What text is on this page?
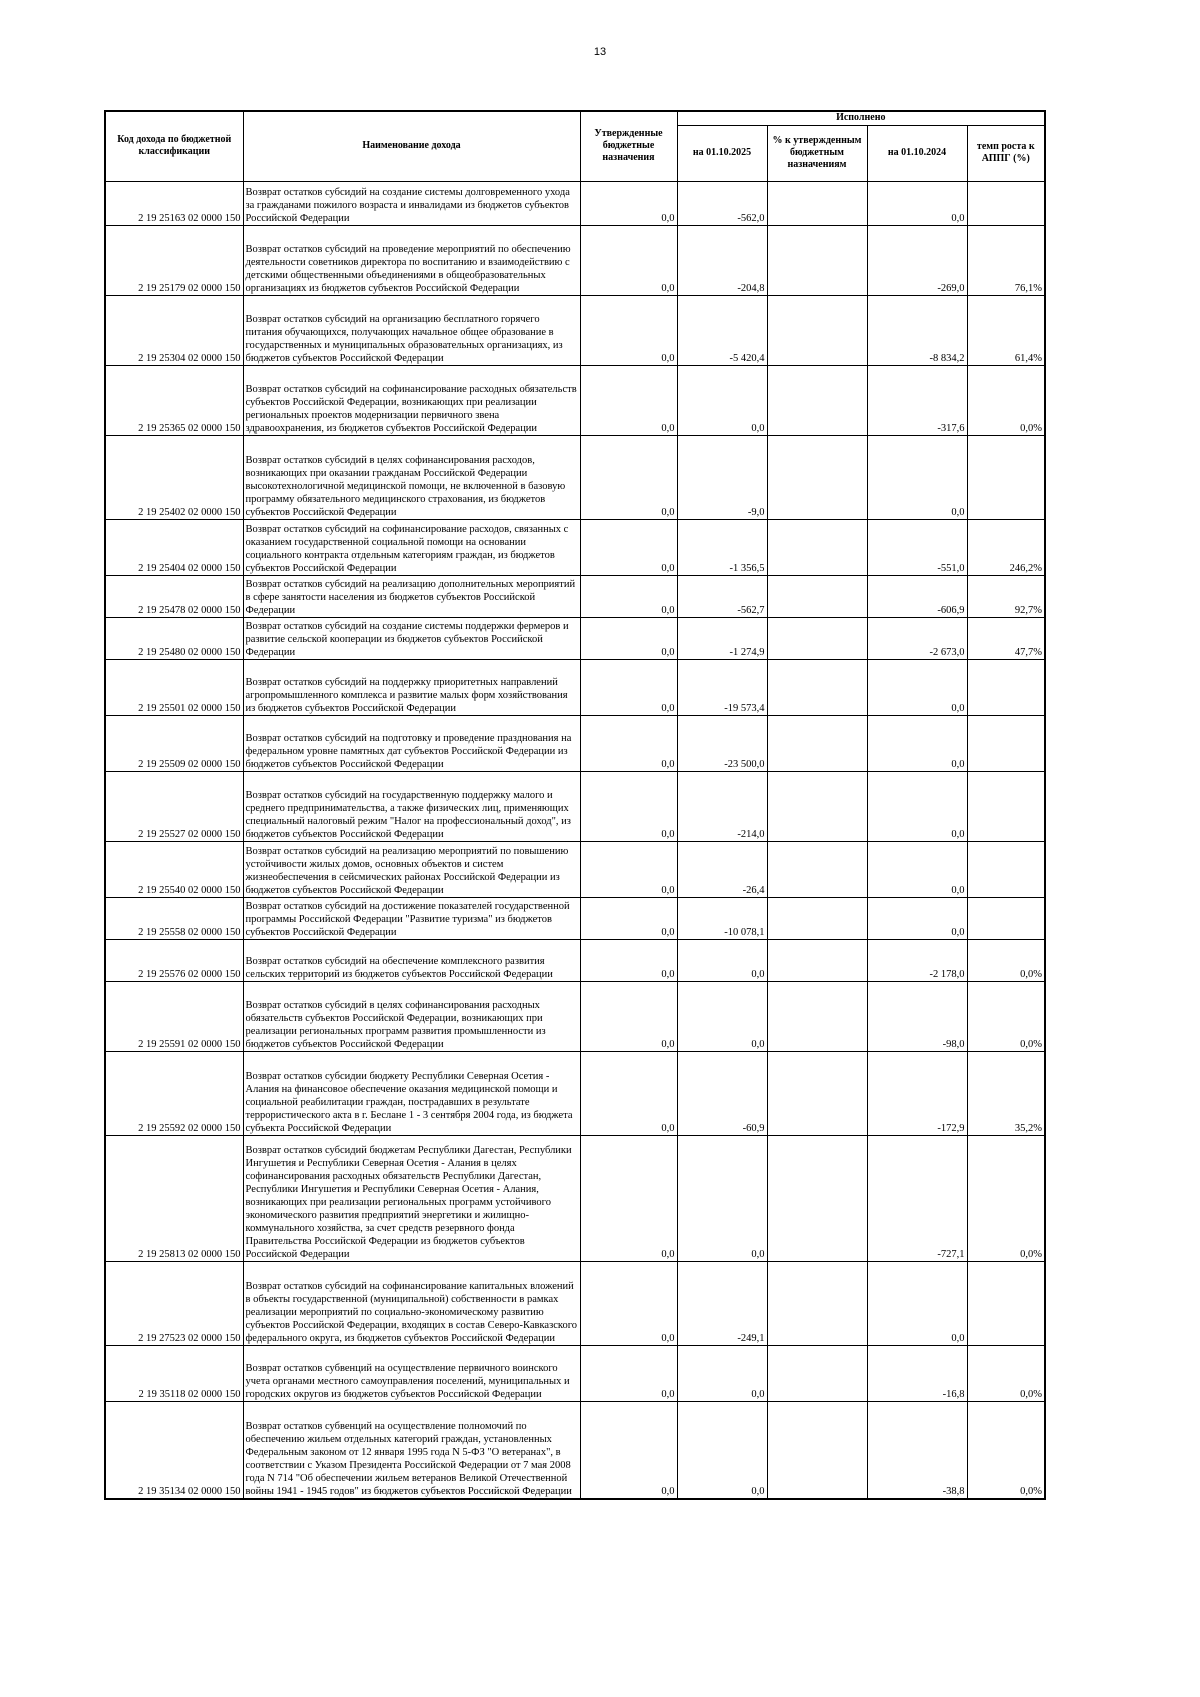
13
Код дохода по бюджетной классификации	Наименование дохода	Утвержденные бюджетные назначения	Исполнено			
			на 01.10.2025	% к утвержденным бюджетным назначениям	на 01.10.2024	темп роста к АППГ (%)
2 19 25163 02 0000 150	Возврат остатков субсидий на создание системы долговременного ухода за гражданами пожилого возраста и инвалидами из бюджетов субъектов Российской Федерации	0,0	-562,0		0,0	
2 19 25179 02 0000 150	Возврат остатков субсидий на проведение мероприятий по обеспечению деятельности советников директора по воспитанию и взаимодействию с детскими общественными объединениями в общеобразовательных организациях из бюджетов субъектов Российской Федерации	0,0	-204,8		-269,0	76,1%
2 19 25304 02 0000 150	Возврат остатков субсидий на организацию бесплатного горячего питания обучающихся, получающих начальное общее образование в государственных и муниципальных образовательных организациях, из бюджетов субъектов Российской Федерации	0,0	-5 420,4		-8 834,2	61,4%
2 19 25365 02 0000 150	Возврат остатков субсидий на софинансирование расходных обязательств субъектов Российской Федерации, возникающих при реализации региональных проектов модернизации первичного звена здравоохранения, из бюджетов субъектов Российской Федерации	0,0	0,0		-317,6	0,0%
2 19 25402 02 0000 150	Возврат остатков субсидий в целях софинансирования расходов, возникающих при оказании гражданам Российской Федерации высокотехнологичной медицинской помощи, не включенной в базовую программу обязательного медицинского страхования, из бюджетов субъектов Российской Федерации	0,0	-9,0		0,0	
2 19 25404 02 0000 150	Возврат остатков субсидий на софинансирование расходов, связанных с оказанием государственной социальной помощи на основании социального контракта отдельным категориям граждан, из бюджетов субъектов Российской Федерации	0,0	-1 356,5		-551,0	246,2%
2 19 25478 02 0000 150	Возврат остатков субсидий на реализацию дополнительных мероприятий в сфере занятости населения из бюджетов субъектов Российской Федерации	0,0	-562,7		-606,9	92,7%
2 19 25480 02 0000 150	Возврат остатков субсидий на создание системы поддержки фермеров и развитие сельской кооперации из бюджетов субъектов Российской Федерации	0,0	-1 274,9		-2 673,0	47,7%
2 19 25501 02 0000 150	Возврат остатков субсидий на поддержку приоритетных направлений агропромышленного комплекса и развитие малых форм хозяйствования из бюджетов субъектов Российской Федерации	0,0	-19 573,4		0,0	
2 19 25509 02 0000 150	Возврат остатков субсидий на подготовку и проведение празднования на федеральном уровне памятных дат субъектов Российской Федерации из бюджетов субъектов Российской Федерации	0,0	-23 500,0		0,0	
2 19 25527 02 0000 150	Возврат остатков субсидий на государственную поддержку малого и среднего предпринимательства, а также физических лиц, применяющих специальный налоговый режим "Налог на профессиональный доход", из бюджетов субъектов Российской Федерации	0,0	-214,0		0,0	
2 19 25540 02 0000 150	Возврат остатков субсидий на реализацию мероприятий по повышению устойчивости жилых домов, основных объектов и систем жизнеобеспечения в сейсмических районах Российской Федерации из бюджетов субъектов Российской Федерации	0,0	-26,4		0,0	
2 19 25558 02 0000 150	Возврат остатков субсидий на достижение показателей государственной программы Российской Федерации "Развитие туризма" из бюджетов субъектов Российской Федерации	0,0	-10 078,1		0,0	
2 19 25576 02 0000 150	Возврат остатков субсидий на обеспечение комплексного развития сельских территорий из бюджетов субъектов Российской Федерации	0,0	0,0		-2 178,0	0,0%
2 19 25591 02 0000 150	Возврат остатков субсидий в целях софинансирования расходных обязательств субъектов Российской Федерации, возникающих при реализации региональных программ развития промышленности из бюджетов субъектов Российской Федерации	0,0	0,0		-98,0	0,0%
2 19 25592 02 0000 150	Возврат остатков субсидии бюджету Республики Северная Осетия - Алания на финансовое обеспечение оказания медицинской помощи и социальной реабилитации граждан, пострадавших в результате террористического акта в г. Беслане 1 - 3 сентября 2004 года, из бюджета субъекта Российской Федерации	0,0	-60,9		-172,9	35,2%
2 19 25813 02 0000 150	Возврат остатков субсидий бюджетам Республики Дагестан, Республики Ингушетия и Республики Северная Осетия - Алания в целях софинансирования расходных обязательств Республики Дагестан, Республики Ингушетия и Республики Северная Осетия - Алания, возникающих при реализации региональных программ устойчивого экономического развития предприятий энергетики и жилищно-коммунального хозяйства, за счет средств резервного фонда Правительства Российской Федерации из бюджетов субъектов Российской Федерации	0,0	0,0		-727,1	0,0%
2 19 27523 02 0000 150	Возврат остатков субсидий на софинансирование капитальных вложений в объекты государственной (муниципальной) собственности в рамках реализации мероприятий по социально-экономическому развитию субъектов Российской Федерации, входящих в состав Северо-Кавказского федерального округа, из бюджетов субъектов Российской Федерации	0,0	-249,1		0,0	
2 19 35118 02 0000 150	Возврат остатков субвенций на осуществление первичного воинского учета органами местного самоуправления поселений, муниципальных и городских округов из бюджетов субъектов Российской Федерации	0,0	0,0		-16,8	0,0%
2 19 35134 02 0000 150	Возврат остатков субвенций на осуществление полномочий по обеспечению жильем отдельных категорий граждан, установленных Федеральным законом от 12 января 1995 года N 5-ФЗ "О ветеранах", в соответствии с Указом Президента Российской Федерации от 7 мая 2008 года N 714 "Об обеспечении жильем ветеранов Великой Отечественной войны 1941 - 1945 годов" из бюджетов субъектов Российской Федерации	0,0	0,0		-38,8	0,0%
